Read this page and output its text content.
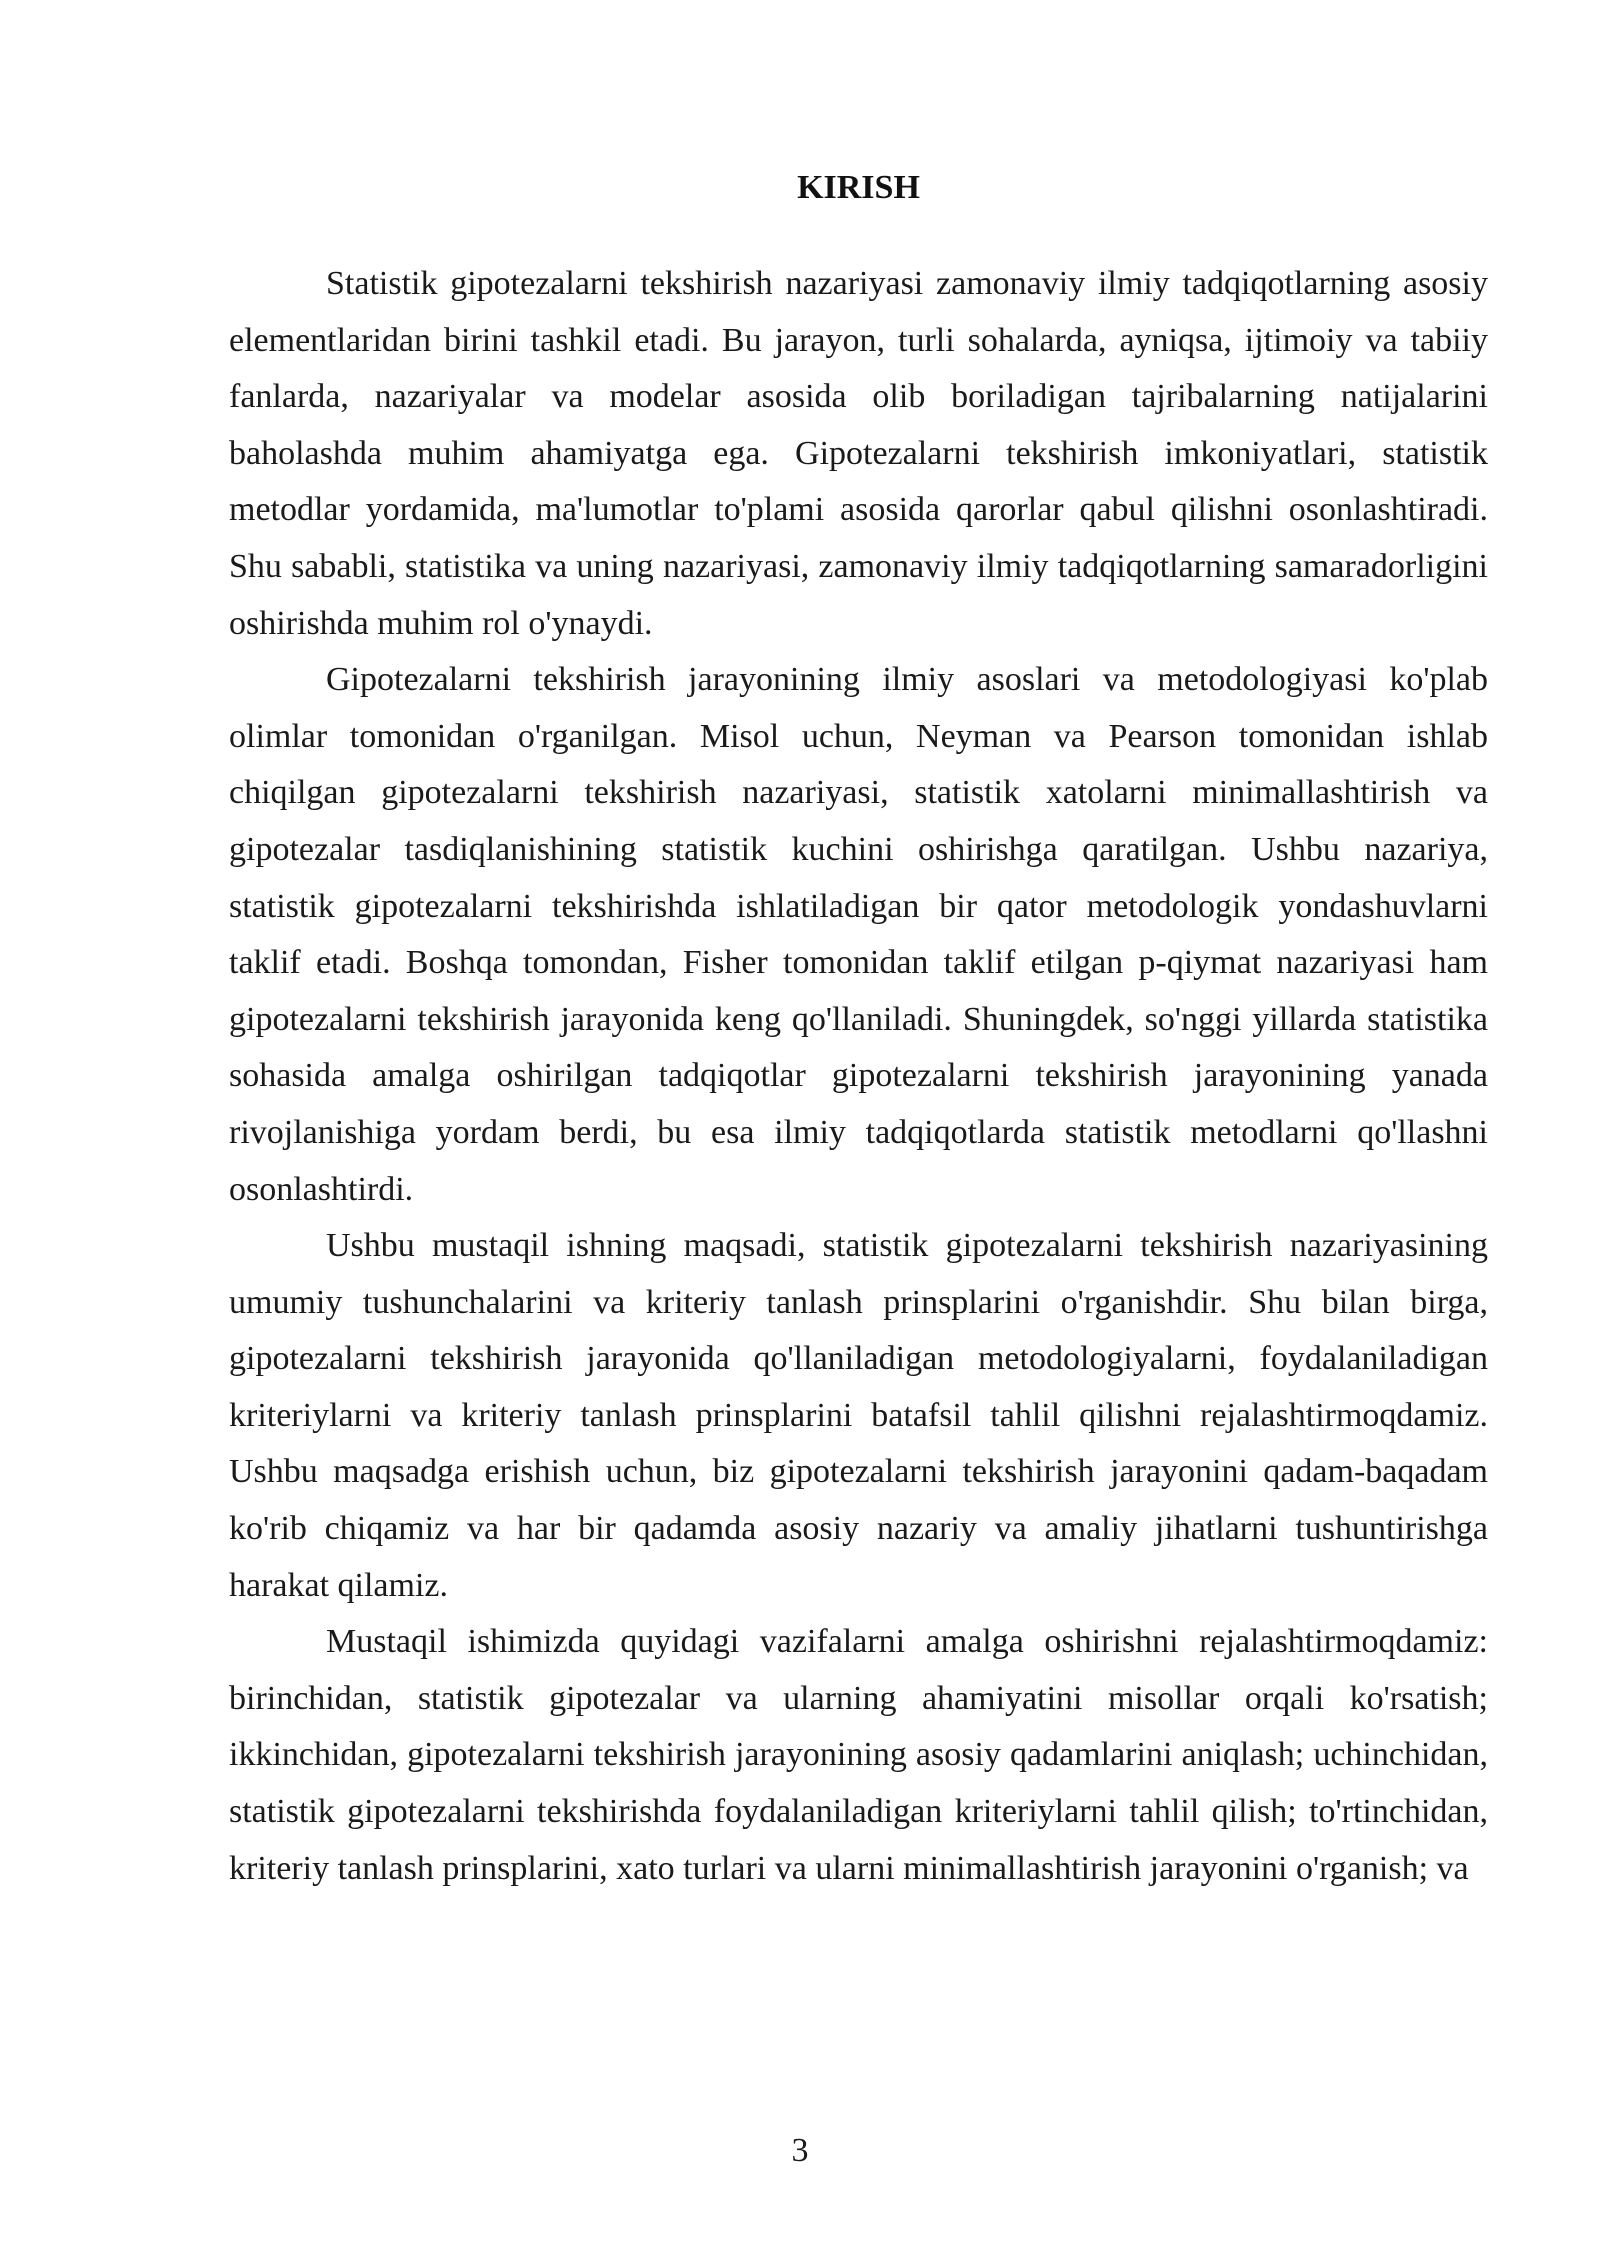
KIRISH

Statistik gipotezalarni tekshirish nazariyasi zamonaviy ilmiy tadqiqotlarning asosiy elementlaridan birini tashkil etadi. Bu jarayon, turli sohalarda, ayniqsa, ijtimoiy va tabiiy fanlarda, nazariyalar va modelar asosida olib boriladigan tajribalarning natijalarini baholashda muhim ahamiyatga ega. Gipotezalarni tekshirish imkoniyatlari, statistik metodlar yordamida, ma'lumotlar to'plami asosida qarorlar qabul qilishni osonlashtiradi. Shu sababli, statistika va uning nazariyasi, zamonaviy ilmiy tadqiqotlarning samaradorligini oshirishda muhim rol o'ynaydi.

Gipotezalarni tekshirish jarayonining ilmiy asoslari va metodologiyasi ko'plab olimlar tomonidan o'rganilgan. Misol uchun, Neyman va Pearson tomonidan ishlab chiqilgan gipotezalarni tekshirish nazariyasi, statistik xatolarni minimallashtirish va gipotezalar tasdiqlanishining statistik kuchini oshirishga qaratilgan. Ushbu nazariya, statistik gipotezalarni tekshirishda ishlatiladigan bir qator metodologik yondashuvlarni taklif etadi. Boshqa tomondan, Fisher tomonidan taklif etilgan p-qiymat nazariyasi ham gipotezalarni tekshirish jarayonida keng qo'llaniladi. Shuningdek, so'nggi yillarda statistika sohasida amalga oshirilgan tadqiqotlar gipotezalarni tekshirish jarayonining yanada rivojlanishiga yordam berdi, bu esa ilmiy tadqiqotlarda statistik metodlarni qo'llashni osonlashtirdi.

Ushbu mustaqil ishning maqsadi, statistik gipotezalarni tekshirish nazariyasining umumiy tushunchalarini va kriteriy tanlash prinsplarini o'rganishdir. Shu bilan birga, gipotezalarni tekshirish jarayonida qo'llaniladigan metodologiyalarni, foydalaniladigan kriteriylarni va kriteriy tanlash prinsplarini batafsil tahlil qilishni rejalashtirmoqdamiz. Ushbu maqsadga erishish uchun, biz gipotezalarni tekshirish jarayonini qadam-baqadam ko'rib chiqamiz va har bir qadamda asosiy nazariy va amaliy jihatlarni tushuntirishga harakat qilamiz.

Mustaqil ishimizda quyidagi vazifalarni amalga oshirishni rejalashtirmoqdamiz: birinchidan, statistik gipotezalar va ularning ahamiyatini misollar orqali ko'rsatish; ikkinchidan, gipotezalarni tekshirish jarayonining asosiy qadamlarini aniqlash; uchinchidan, statistik gipotezalarni tekshirishda foydalaniladigan kriteriylarni tahlil qilish; to'rtinchidan, kriteriy tanlash prinsplarini, xato turlari va ularni minimallashtirish jarayonini o'rganish; va

3
